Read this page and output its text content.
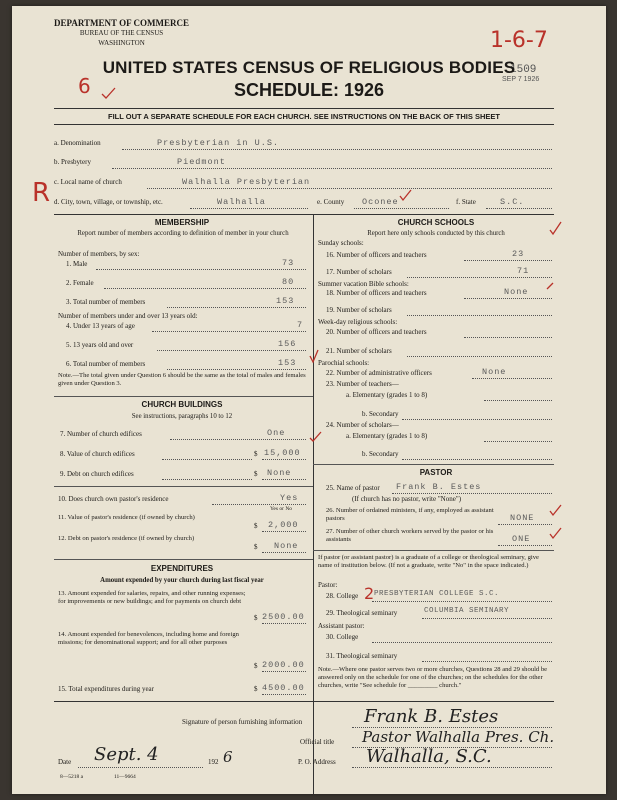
DEPARTMENT OF COMMERCE
BUREAU OF THE CENSUS
WASHINGTON	1-6-7
1509
SEP 7 1926
6
UNITED STATES CENSUS OF RELIGIOUS BODIES
SCHEDULE: 1926
FILL OUT A SEPARATE SCHEDULE FOR EACH CHURCH. SEE INSTRUCTIONS ON THE BACK OF THIS SHEET
R
a. Denomination	Presbyterian in U.S.
b. Presbytery	Piedmont
c. Local name of church	Walhalla Presbyterian
d. City, town, village, or township, etc.	Walhalla	e. County Oconee	f. State	S.C.
MEMBERSHIP
Report number of members according to definition of member in your church
Number of members, by sex:
1. Male	73
2. Female	80
3. Total number of members	153
Number of members under and over 13 years old:
4. Under 13 years of age	7
5. 13 years old and over	156
6. Total number of members	153
Note.—The total given under Question 6 should be the same as the total of males and females given under Question 3.
CHURCH BUILDINGS
See instructions, paragraphs 10 to 12
7. Number of church edifices	One
8. Value of church edifices	$ 15,000
9. Debt on church edifices	$ None
10. Does church own pastor's residence	Yes
Yes or No
11. Value of pastor's residence (if owned by church)
$ 2,000
12. Debt on pastor's residence (if owned by church)
$ None
EXPENDITURES
Amount expended by your church during last fiscal year
13. Amount expended for salaries, repairs, and other running expenses; for improvements or new buildings; and for payments on church debt
$ 2500.00
14. Amount expended for benevolences, including home and foreign missions; for denominational support; and for all other purposes
$ 2000.00
15. Total expenditures during year	$ 4500.00
CHURCH SCHOOLS
Report here only schools conducted by this church
Sunday schools:
16. Number of officers and teachers	23
17. Number of scholars	71
Summer vacation Bible schools:
18. Number of officers and teachers	None
19. Number of scholars
Week-day religious schools:
20. Number of officers and teachers
21. Number of scholars
Parochial schools:
22. Number of administrative officers	None
23. Number of teachers—
a. Elementary (grades 1 to 8)
b. Secondary
24. Number of scholars—
a. Elementary (grades 1 to 8)
b. Secondary
PASTOR
25. Name of pastor Frank B. Estes
(If church has no pastor, write "None")
26. Number of ordained ministers, if any, employed as assistant pastors	NONE
27. Number of other church workers served by the pastor or his assistants	ONE
If pastor (or assistant pastor) is a graduate of a college or theological seminary, give name of institution below. (If not a graduate, write "No" in the space indicated.)
Pastor:
28. College PRESBYTERIAN COLLEGE S.C.
29. Theological seminary	COLUMBIA SEMINARY
Assistant pastor:
30. College
31. Theological seminary
Note.—Where one pastor serves two or more churches, Questions 28 and 29 should be answered only on the schedule for one of the churches; on the schedules for the other churches, write "See schedule for _________ church."
Signature of person furnishing information	Frank B. Estes
Official title Pastor Walhalla Pres. Ch.
Date Sept. 4	192 6	P. O. Address Walhalla, S.C.
8—5218 a	11—9664
2
